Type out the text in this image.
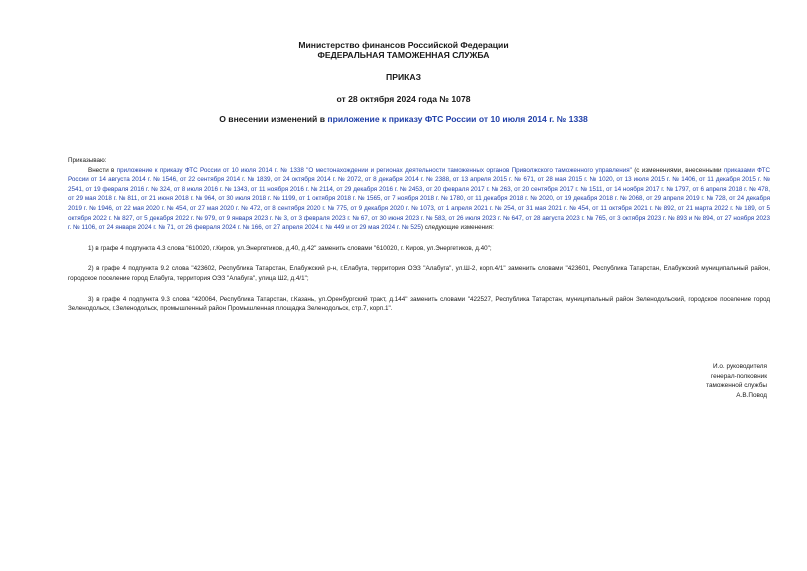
Министерство финансов Российской Федерации
ФЕДЕРАЛЬНАЯ ТАМОЖЕННАЯ СЛУЖБА
ПРИКАЗ
от 28 октября 2024 года № 1078
О внесении изменений в приложение к приказу ФТС России от 10 июля 2014 г. № 1338

Приказываю:

Внести в приложение к приказу ФТС России от 10 июля 2014 г. № 1338 "О местонахождении и регионах деятельности таможенных органов Приволжского таможенного управления" (с изменениями, внесенными приказами ФТС России от 14 августа 2014 г. № 1546, от 22 сентября 2014 г. № 1839, от 24 октября 2014 г. № 2072, от 8 декабря 2014 г. № 2388, от 13 апреля 2015 г. № 671, от 28 мая 2015 г. № 1020, от 13 июля 2015 г. № 1406, от 11 декабря 2015 г. № 2541, от 19 февраля 2016 г. № 324, от 8 июля 2016 г. № 1343, от 11 ноября 2016 г. № 2114, от 29 декабря 2016 г. № 2453, от 20 февраля 2017 г. № 263, от 20 сентября 2017 г. № 1511, от 14 ноября 2017 г. № 1797, от 6 апреля 2018 г. № 478, от 29 мая 2018 г. № 811, от 21 июня 2018 г. № 964, от 30 июля 2018 г. № 1199, от 1 октября 2018 г. № 1565, от 7 ноября 2018 г. № 1780, от 11 декабря 2018 г. № 2020, от 19 декабря 2018 г. № 2068, от 29 апреля 2019 г. № 728, от 24 декабря 2019 г. № 1946, от 22 мая 2020 г. № 454, от 27 мая 2020 г. № 472, от 8 сентября 2020 г. № 775, от 9 декабря 2020 г. № 1073, от 1 апреля 2021 г. № 254, от 31 мая 2021 г. № 454, от 11 октября 2021 г. № 892, от 21 марта 2022 г. № 189, от 5 октября 2022 г. № 827, от 5 декабря 2022 г. № 979, от 9 января 2023 г. № 3, от 3 февраля 2023 г. № 67, от 30 июня 2023 г. № 583, от 26 июля 2023 г. № 647, от 28 августа 2023 г. № 765, от 3 октября 2023 г. № 893 и № 894, от 27 ноября 2023 г. № 1106, от 24 января 2024 г. № 71, от 26 февраля 2024 г. № 166, от 27 апреля 2024 г. № 449 и от 29 мая 2024 г. № 525) следующие изменения:

1) в графе 4 подпункта 4.3 слова "610020, г.Киров, ул.Энергетиков, д.40, д.42" заменить словами "610020, г. Киров, ул.Энергетиков, д.40";

2) в графе 4 подпункта 9.2 слова "423602, Республика Татарстан, Елабужский р-н, г.Елабуга, территория ОЭЗ "Алабуга", ул.Ш-2, корп.4/1" заменить словами "423601, Республика Татарстан, Елабужский муниципальный район, городское поселение город Елабуга, территория ОЭЗ "Алабуга", улица Ш2, д.4/1";

3) в графе 4 подпункта 9.3 слова "420064, Республика Татарстан, г.Казань, ул.Оренбургский тракт, д.144" заменить словами "422527, Республика Татарстан, муниципальный район Зеленодольский, городское поселение город Зеленодольск, г.Зеленодольск, промышленный район Промышленная площадка Зеленодольск, стр.7, корп.1".

И.о. руководителя
генерал-полковник
таможенной службы
А.В.Повод
